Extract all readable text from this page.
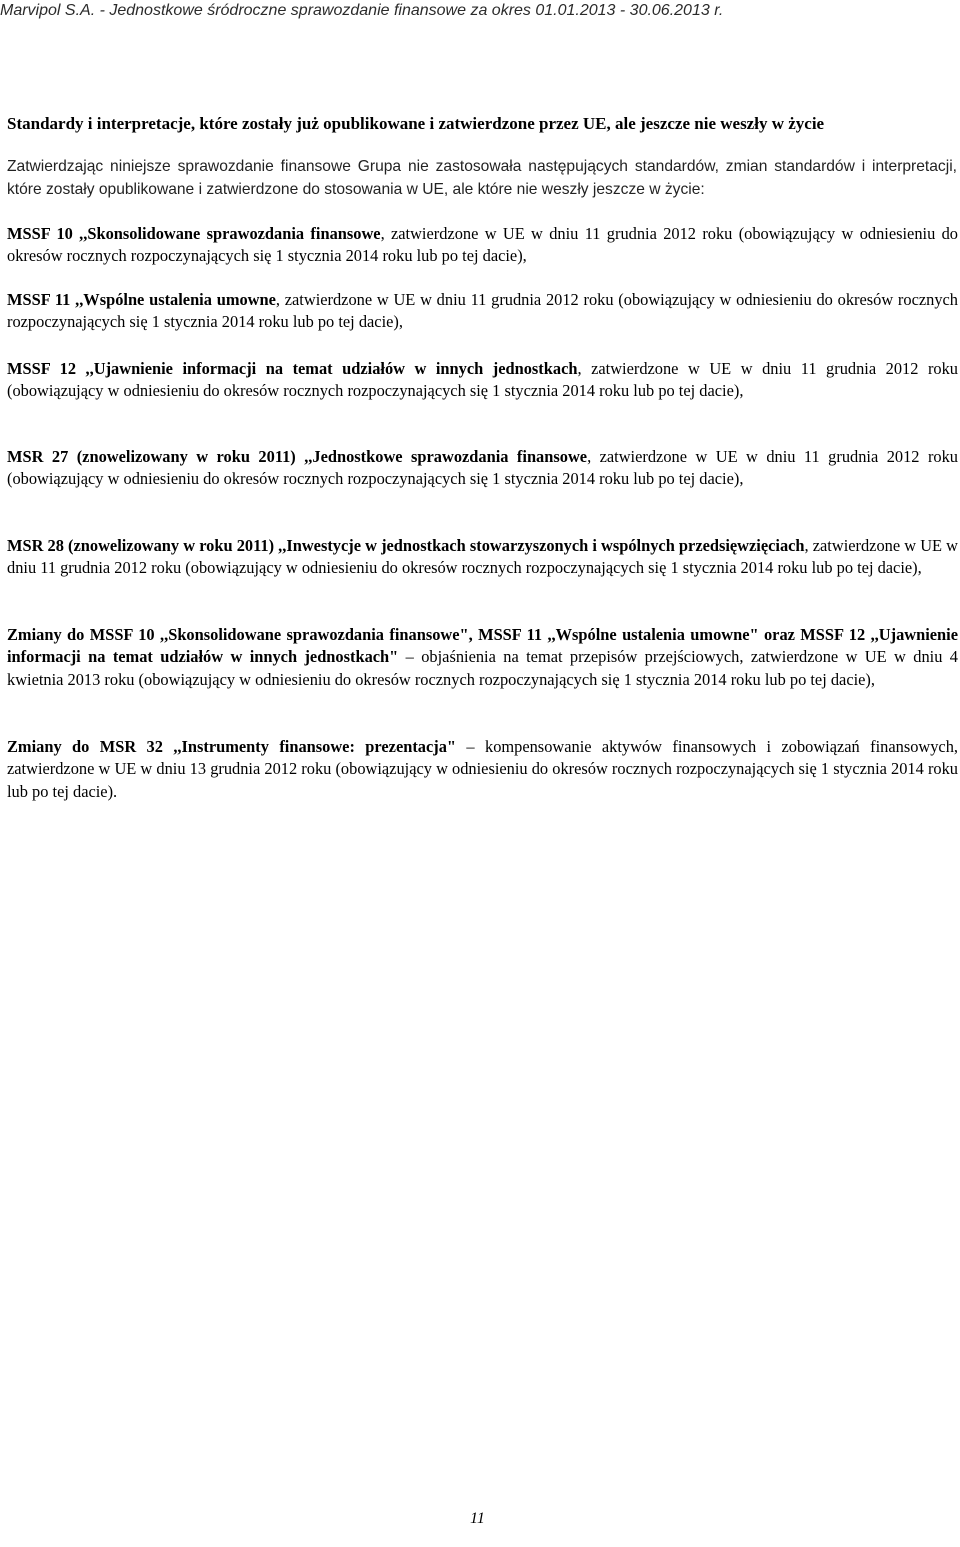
Marvipol S.A. - Jednostkowe śródroczne sprawozdanie finansowe za okres 01.01.2013 - 30.06.2013 r.
Standardy i interpretacje, które zostały już opublikowane i zatwierdzone przez UE, ale jeszcze nie weszły w życie

Zatwierdzając niniejsze sprawozdanie finansowe Grupa nie zastosowała następujących standardów, zmian standardów i interpretacji, które zostały opublikowane i zatwierdzone do stosowania w UE, ale które nie weszły jeszcze w życie:

MSSF 10 ,,Skonsolidowane sprawozdania finansowe, zatwierdzone w UE w dniu 11 grudnia 2012 roku (obowiązujący w odniesieniu do okresów rocznych rozpoczynających się 1 stycznia 2014 roku lub po tej dacie),

MSSF 11 ,,Wspólne ustalenia umowne, zatwierdzone w UE w dniu 11 grudnia 2012 roku (obowiązujący w odniesieniu do okresów rocznych rozpoczynających się 1 stycznia 2014 roku lub po tej dacie),

MSSF 12 ,,Ujawnienie informacji na temat udziałów w innych jednostkach, zatwierdzone w UE w dniu 11 grudnia 2012 roku (obowiązujący w odniesieniu do okresów rocznych rozpoczynających się 1 stycznia 2014 roku lub po tej dacie),

MSR 27 (znowelizowany w roku 2011) ,,Jednostkowe sprawozdania finansowe, zatwierdzone w UE w dniu 11 grudnia 2012 roku (obowiązujący w odniesieniu do okresów rocznych rozpoczynających się 1 stycznia 2014 roku lub po tej dacie),

MSR 28 (znowelizowany w roku 2011) ,,Inwestycje w jednostkach stowarzyszonych i wspólnych przedsięwzięciach, zatwierdzone w UE w dniu 11 grudnia 2012 roku (obowiązujący w odniesieniu do okresów rocznych rozpoczynających się 1 stycznia 2014 roku lub po tej dacie),

Zmiany do MSSF 10 ,,Skonsolidowane sprawozdania finansowe", MSSF 11 ,,Wspólne ustalenia umowne" oraz MSSF 12 ,,Ujawnienie informacji na temat udziałów w innych jednostkach" – objaśnienia na temat przepisów przejściowych, zatwierdzone w UE w dniu 4 kwietnia 2013 roku (obowiązujący w odniesieniu do okresów rocznych rozpoczynających się 1 stycznia 2014 roku lub po tej dacie),

Zmiany do MSR 32 ,,Instrumenty finansowe: prezentacja" – kompensowanie aktywów finansowych i zobowiązań finansowych, zatwierdzone w UE w dniu 13 grudnia 2012 roku (obowiązujący w odniesieniu do okresów rocznych rozpoczynających się 1 stycznia 2014 roku lub po tej dacie).

11
